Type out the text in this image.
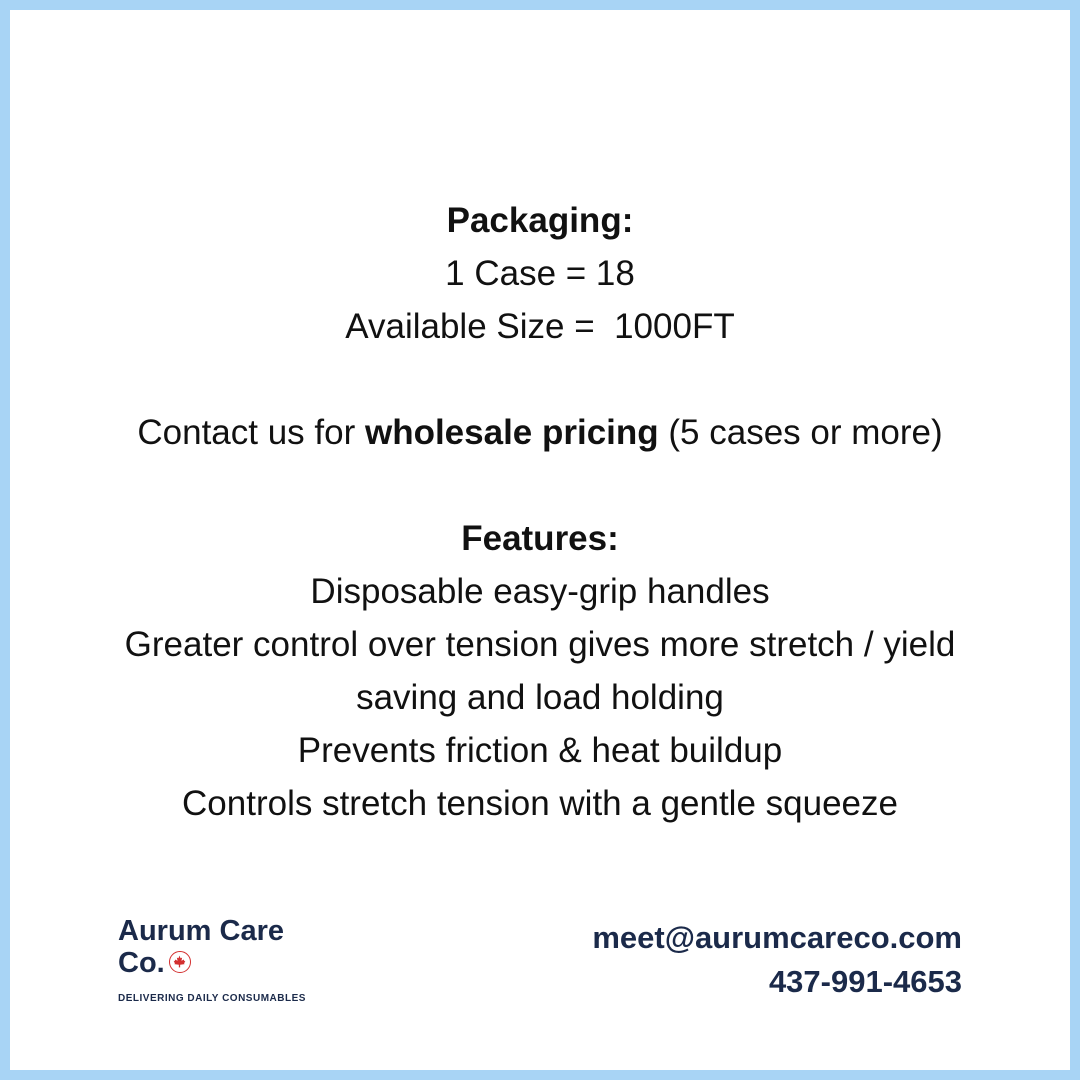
Packaging:
1 Case = 18
Available Size =  1000FT
Contact us for wholesale pricing (5 cases or more)
Features:
Disposable easy-grip handles
Greater control over tension gives more stretch / yield
saving and load holding
Prevents friction & heat buildup
Controls stretch tension with a gentle squeeze
Aurum Care
Co.
DELIVERING DAILY CONSUMABLES
meet@aurumcareco.com
437-991-4653
